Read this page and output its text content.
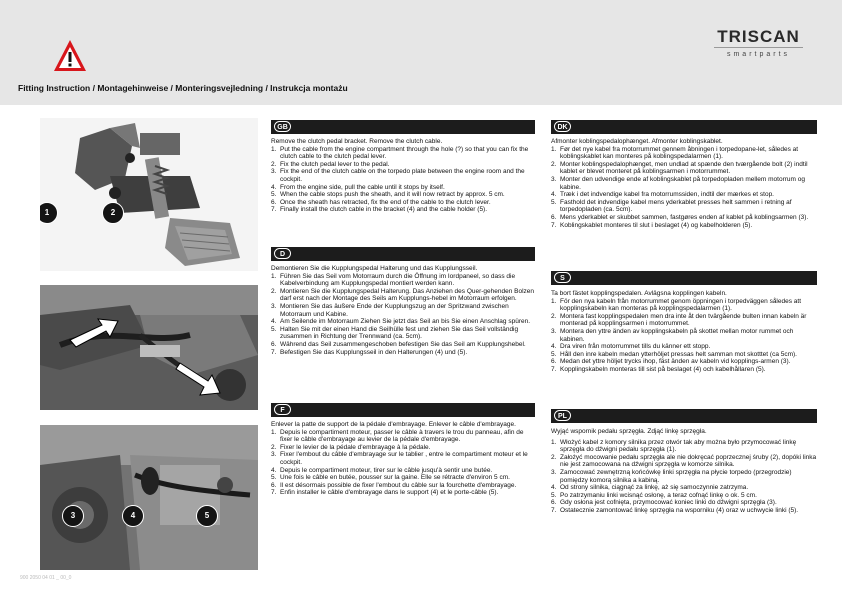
TRISCAN
smartparts
Fitting Instruction / Montagehinweise / Monteringsvejledning / Instrukcja montażu
1	2
3	4	5
GB

Remove the clutch pedal bracket. Remove the clutch cable.

1. Put the cable from the engine compartment through the hole (?) so that you can fix the clutch cable to the clutch pedal lever.
2. Fix the clutch pedal lever to the pedal.
3. Fix the end of the clutch cable on the torpedo plate between the engine room and the cockpit.
4. From the engine side, pull the cable until it stops by itself.
5. When the cable stops push the sheath, and it will now retract by approx. 5 cm.
6. Once the sheath has retracted, fix the end of the cable to the clutch lever.
7. Finally install the clutch cable in the bracket (4) and the cable holder (5).
D

Demontieren Sie die Kupplungspedal Halterung und das Kupplungsseil.

1. Führen Sie das Seil vom Motorraum durch die Öffnung im Iordpaneel, so dass die Kabelverbindung am Kupplungspedal montiert werden kann.
2. Montieren Sie die Kupplungspedal Halterung. Das Anziehen des Quer-gehenden Bolzen darf erst nach der Montage des Seils am Kupplungs-hebel im Motorraum erfolgen.
3. Montieren Sie das äußere Ende der Kupplungszug an der Spritzwand zwischen Motorraum und Kabine.
4. Am Seilende im Motorraum Ziehen Sie jetzt das Seil an bis Sie einen Anschlag spüren.
5. Halten Sie mit der einen Hand die Seilhülle fest und ziehen Sie das Seil vollständig zusammen in Richtung der Trennwand (ca. 5cm).
6. Während das Seil zusammengeschoben befestigen Sie das Seil am Kupplungshebel.
7. Befestigen Sie das Kupplungsseil in den Halterungen (4) und (5).
F

Enlever la patte de support de la pédale d'embrayage. Enlever le câble d'embrayage.

1. Depuis le compartiment moteur, passer le câble à travers le trou du panneau, afin de fixer le câble d'embrayage au levier de la pédale d'embrayage.
2. Fixer le levier de la pédale d'embrayage à la pédale.
3. Fixer l'embout du câble d'embrayage sur le tablier , entre le compartiment moteur et le cockpit.
4. Depuis le compartiment moteur, tirer sur le câble jusqu'à sentir une butée.
5. Une fois le câble en butée, pousser sur la gaine. Elle se rétracte d'environ 5 cm.
6. Il est désormais possible de fixer l'embout du câble sur la fourchette d'embrayage.
7. Enfin installer le câble d'embrayage dans le support (4) et le porte-câble (5).
DK

Afmonter koblingspedalophænget. Afmonter koblingskablet.

1. Før det nye kabel fra motorrummet gennem åbningen i torpedopane-let, således at koblingskablet kan monteres på koblingspedalarmen (1).
2. Monter koblingspedalophænget, men undlad at spænde den tværgående bolt (2) indtil kablet er blevet monteret på koblingsarmen i motorrummet.
3. Monter den udvendige ende af koblingskablet på torpedopladen mellem motorrum og kabine.
4. Træk i det indvendige kabel fra motorrumssiden, indtil der mærkes et stop.
5. Fasthold det indvendige kabel mens yderkablet presses helt sammen i retning af torpedopladen (ca. 5cm).
6. Mens yderkablet er skubbet sammen, fastgøres enden af kablet på koblingsarmen (3).
7. Koblingskablet monteres til slut i beslaget (4) og kabelholderen (5).
S

Ta bort fästet kopplingspedalen. Avlägsna kopplingen kabeln.

1. För den nya kabeln från motorrummet genom öppningen i torpedväggen således att kopplingskabeln kan monteras på kopplingspedalarmen (1).
2. Montera fast kopplingspedalen men dra inte åt den tvärgående bulten innan kabeln är monterad på kopplingsarmen i motorrummet.
3. Montera den yttre änden av kopplingskabeln på skottet mellan motor rummet och kabinen.
4. Dra viren från motorrummet tills du känner ett stopp.
5. Håll den inre kabeln medan ytterhöljet pressas helt samman mot skotttet (ca 5cm).
6. Medan det yttre höljet trycks ihop, fäst änden av kabeln vid kopplings-armen (3).
7. Kopplingskabeln monteras till sist på beslaget (4) och kabelhållaren (5).
PL

Wyjąć wspornik pedału sprzęgła. Zdjąć linkę sprzęgła.

1. Włożyć kabel z komory silnika przez otwór tak aby można było przymocować linkę sprzęgła do dźwigni pedału sprzęgła (1).
2. Założyć mocowanie pedału sprzęgła ale nie dokręcać poprzecznej śruby (2), dopóki linka nie jest zamocowana na dźwigni sprzęgła w komorze silnika.
3. Zamocować zewnętrzną końcówkę linki sprzęgła na płycie torpedo (przegrodzie) pomiędzy komorą silnika a kabiną.
4. Od strony silnika, ciągnąć za linkę, aż się samoczynnie zatrzyma.
5. Po zatrzymaniu linki wcisnąć osłonę, a teraz cofnąć linkę o ok. 5 cm.
6. Gdy osłona jest cofnięta, przymocować koniec linki do dźwigni sprzęgła (3).
7. Ostatecznie zamontować linkę sprzęgła na wsporniku (4) oraz w uchwycie linki (5).
900 2050 04 01 _ 00_0
